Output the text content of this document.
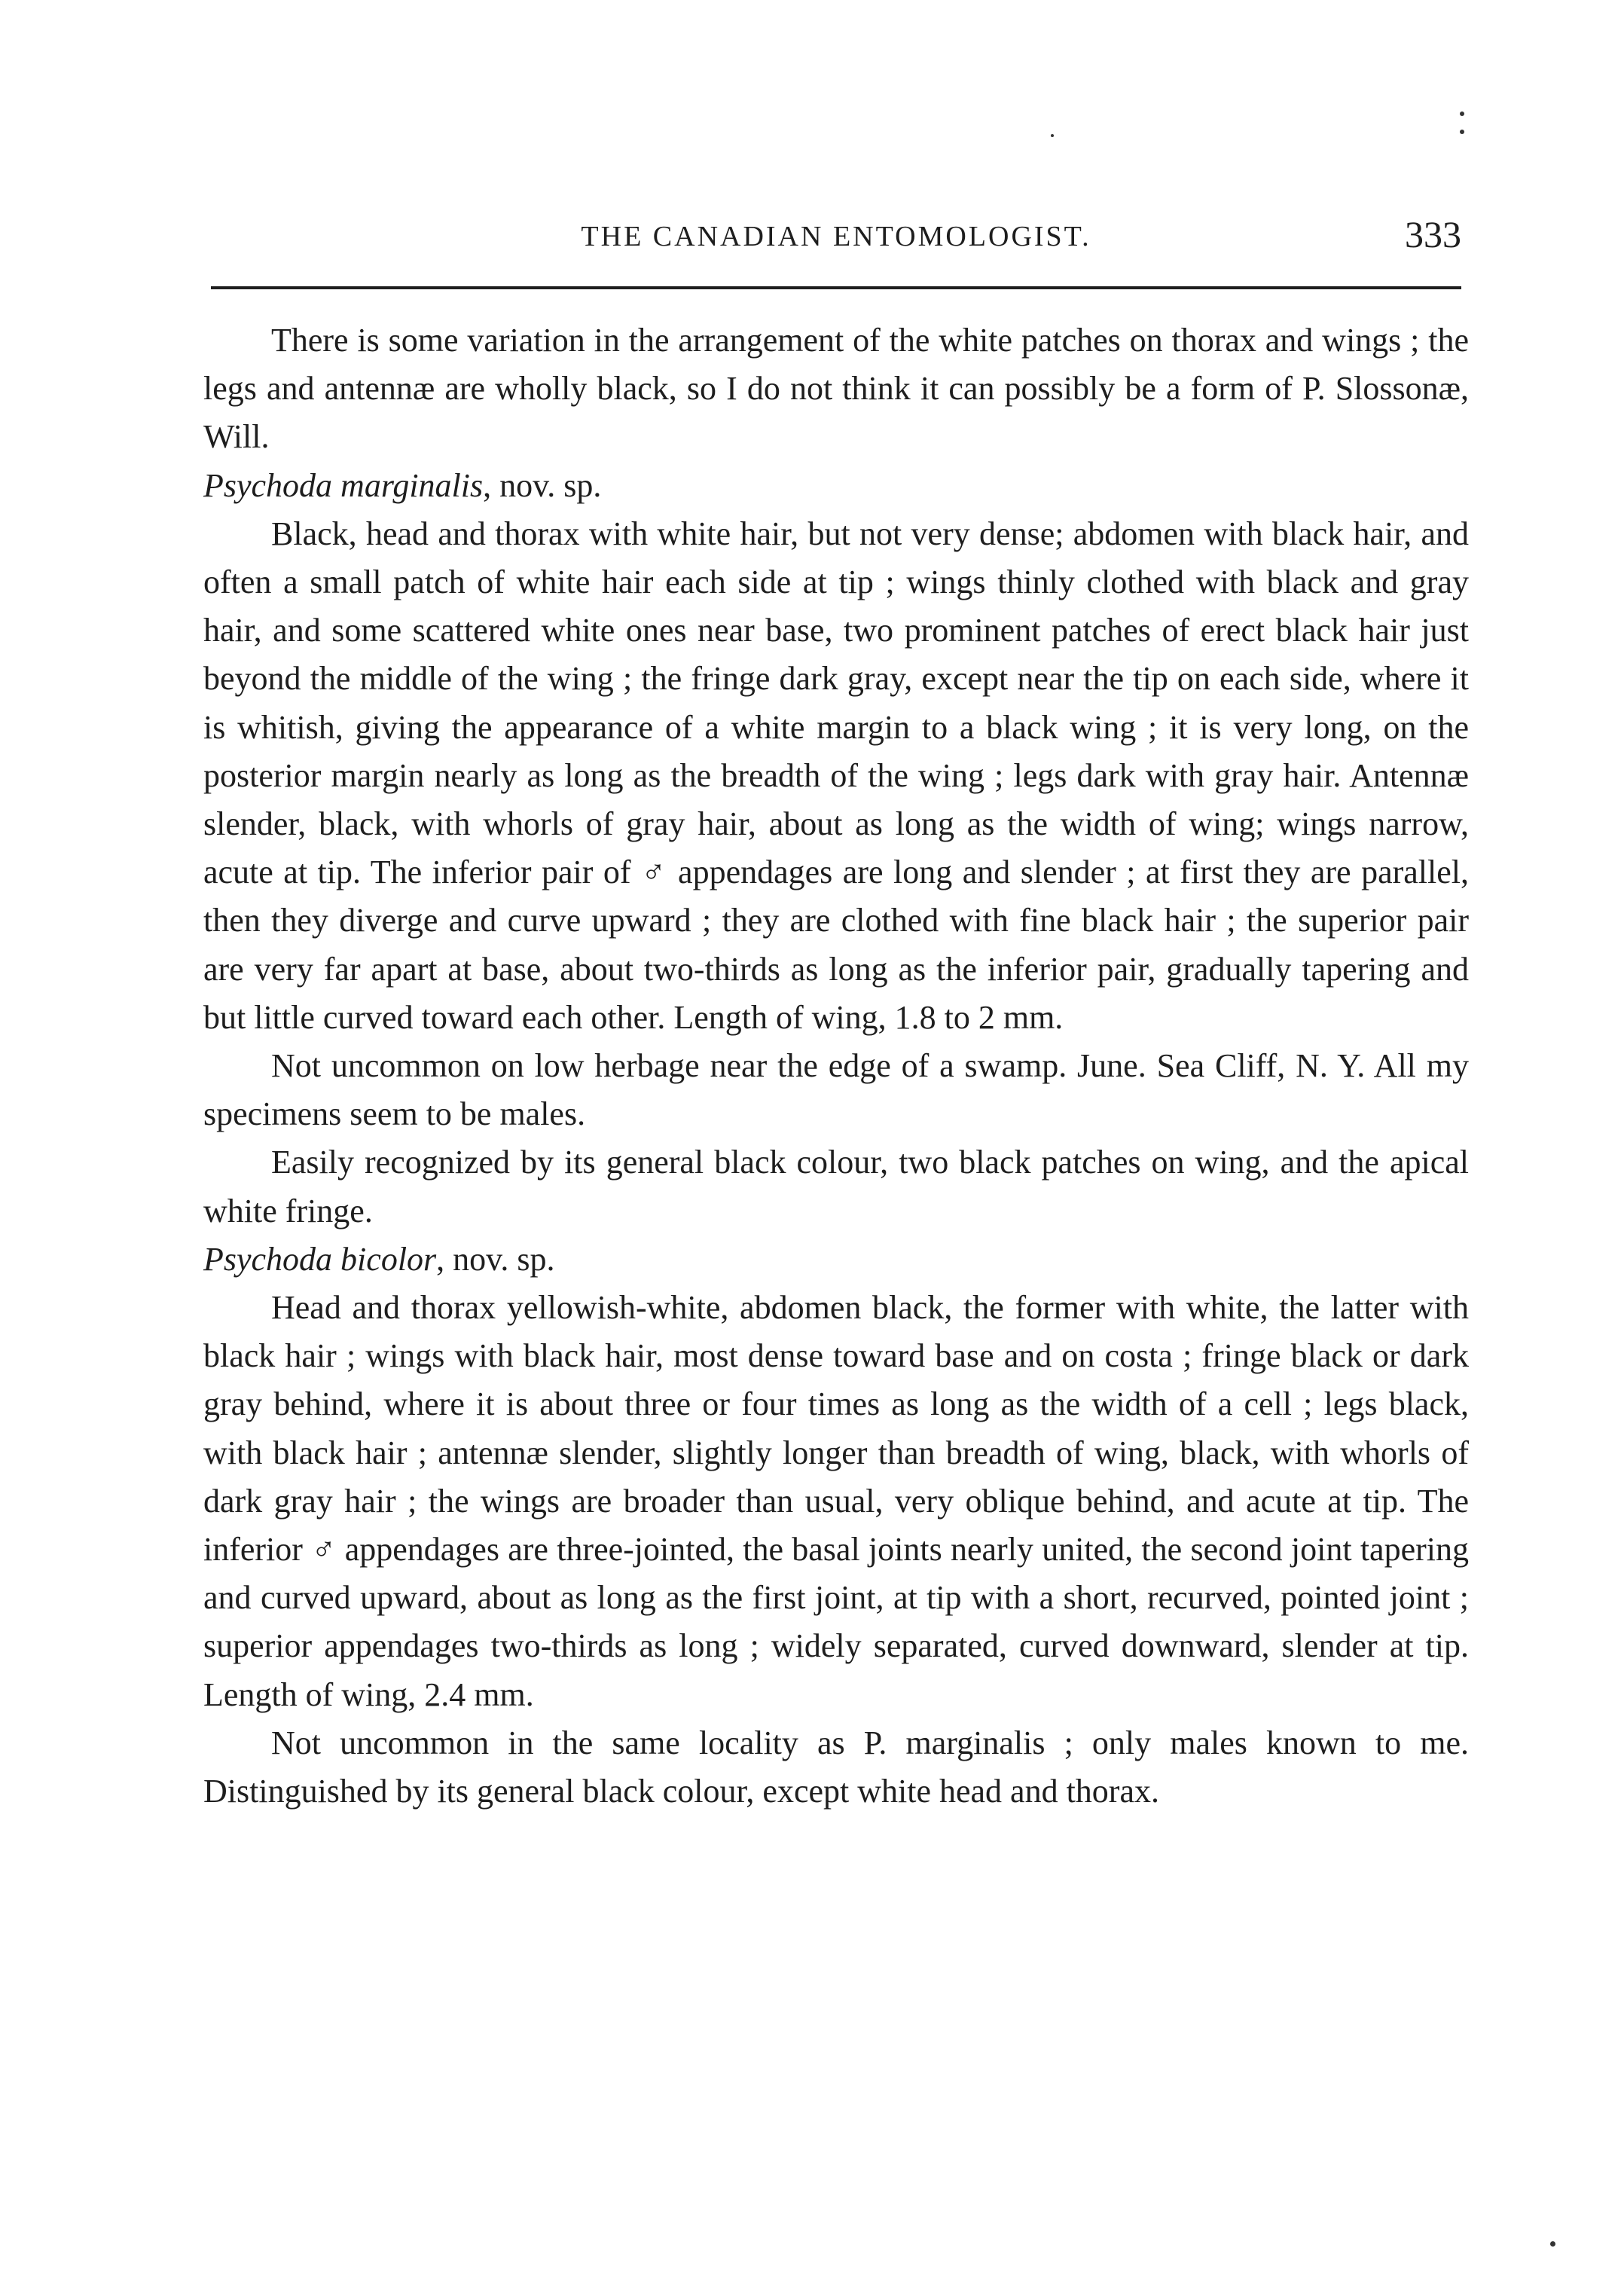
THE CANADIAN ENTOMOLOGIST.	333

There is some variation in the arrangement of the white patches on thorax and wings ; the legs and antennæ are wholly black, so I do not think it can possibly be a form of P. Slossonæ, Will.

Psychoda marginalis, nov. sp.

Black, head and thorax with white hair, but not very dense; abdomen with black hair, and often a small patch of white hair each side at tip ; wings thinly clothed with black and gray hair, and some scattered white ones near base, two prominent patches of erect black hair just beyond the middle of the wing ; the fringe dark gray, except near the tip on each side, where it is whitish, giving the appearance of a white margin to a black wing ; it is very long, on the posterior margin nearly as long as the breadth of the wing ; legs dark with gray hair. Antennæ slender, black, with whorls of gray hair, about as long as the width of wing; wings narrow, acute at tip. The inferior pair of ♂ appendages are long and slender ; at first they are parallel, then they diverge and curve upward ; they are clothed with fine black hair ; the superior pair are very far apart at base, about two-thirds as long as the inferior pair, gradually tapering and but little curved toward each other. Length of wing, 1.8 to 2 mm.

Not uncommon on low herbage near the edge of a swamp. June. Sea Cliff, N. Y. All my specimens seem to be males.

Easily recognized by its general black colour, two black patches on wing, and the apical white fringe.

Psychoda bicolor, nov. sp.

Head and thorax yellowish-white, abdomen black, the former with white, the latter with black hair ; wings with black hair, most dense toward base and on costa ; fringe black or dark gray behind, where it is about three or four times as long as the width of a cell ; legs black, with black hair ; antennæ slender, slightly longer than breadth of wing, black, with whorls of dark gray hair ; the wings are broader than usual, very oblique behind, and acute at tip. The inferior ♂ appendages are three-jointed, the basal joints nearly united, the second joint tapering and curved upward, about as long as the first joint, at tip with a short, recurved, pointed joint ; superior appendages two-thirds as long ; widely separated, curved downward, slender at tip. Length of wing, 2.4 mm.

Not uncommon in the same locality as P. marginalis ; only males known to me. Distinguished by its general black colour, except white head and thorax.
